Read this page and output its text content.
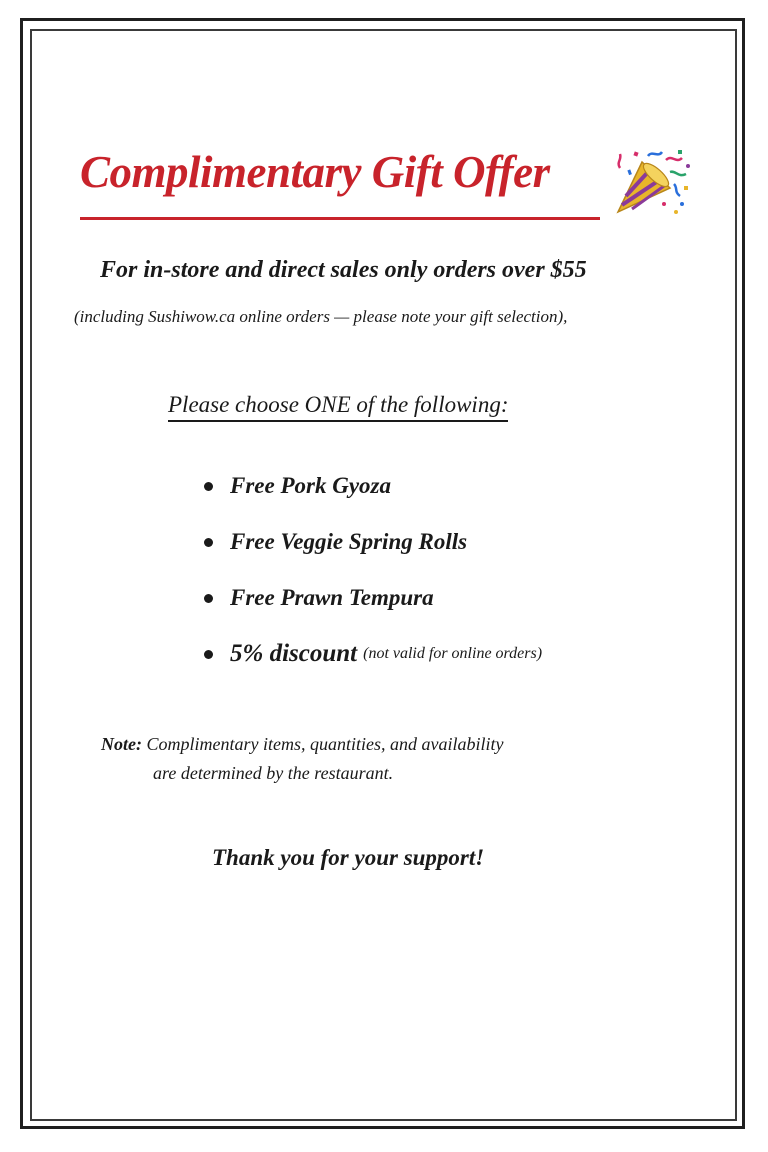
Complimentary Gift Offer

For in-store and direct sales only orders over $55

(including Sushiwow.ca online orders — please note your gift selection),

Please choose ONE of the following:

Free Pork Gyoza
Free Veggie Spring Rolls
Free Prawn Tempura
5% discount (not valid for online orders)

Note: Complimentary items, quantities, and availability
are determined by the restaurant.

Thank you for your support!
